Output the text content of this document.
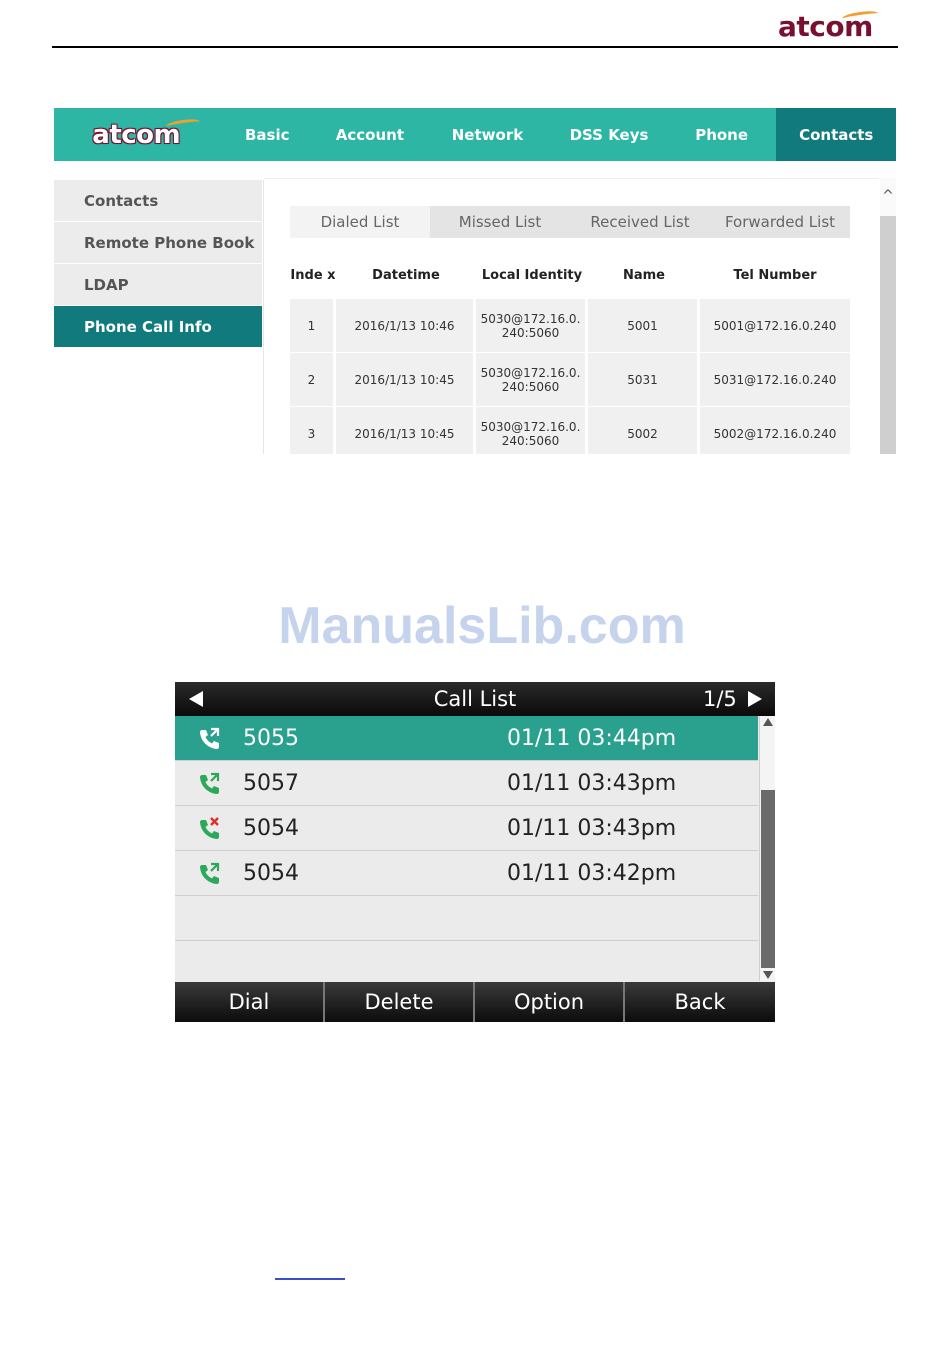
atcom
atcom	Basic	Account	Network	DSS Keys	Phone	Contacts
Contacts
Remote Phone Book
LDAP
Phone Call Info
Dialed List	Missed List	Received List	Forwarded List
Inde x	Datetime	Local Identity	Name	Tel Number
1	2016/1/13 10:46	5030@172.16.0. 240:5060	5001	5001@172.16.0.240
2	2016/1/13 10:45	5030@172.16.0. 240:5060	5031	5031@172.16.0.240
3	2016/1/13 10:45	5030@172.16.0. 240:5060	5002	5002@172.16.0.240
^
ManualsLib.com
Call List	1/5
5055	01/11 03:44pm
5057	01/11 03:43pm
5054	01/11 03:43pm
5054	01/11 03:42pm
Dial	Delete	Option	Back
